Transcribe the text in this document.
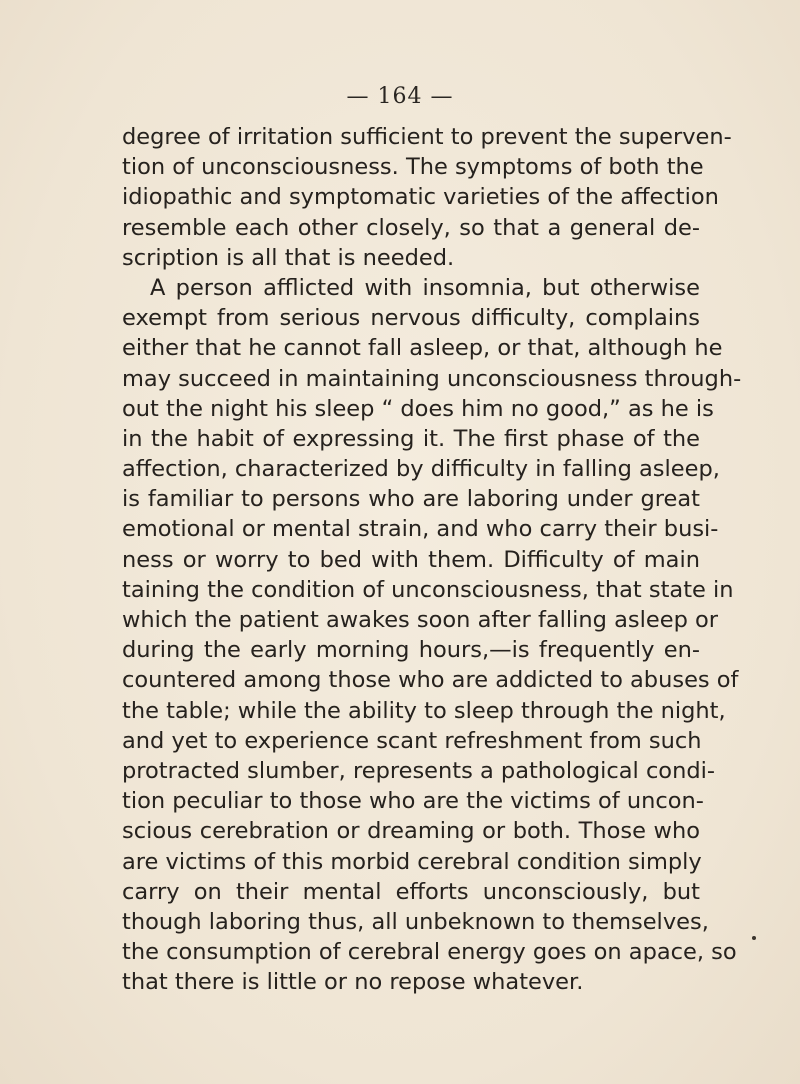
— 164 —
degree of irritation sufficient to prevent the superven-
tion of unconsciousness. The symptoms of both the
idiopathic and symptomatic varieties of the affection
resemble each other closely, so that a general de-
scription is all that is needed.
A person afflicted with insomnia, but otherwise
exempt from serious nervous difficulty, complains
either that he cannot fall asleep, or that, although he
may succeed in maintaining unconsciousness through-
out the night his sleep “ does him no good,” as he is
in the habit of expressing it. The first phase of the
affection, characterized by difficulty in falling asleep,
is familiar to persons who are laboring under great
emotional or mental strain, and who carry their busi-
ness or worry to bed with them. Difficulty of main
taining the condition of unconsciousness, that state in
which the patient awakes soon after falling asleep or
during the early morning hours,—is frequently en-
countered among those who are addicted to abuses of
the table; while the ability to sleep through the night,
and yet to experience scant refreshment from such
protracted slumber, represents a pathological condi-
tion peculiar to those who are the victims of uncon-
scious cerebration or dreaming or both. Those who
are victims of this morbid cerebral condition simply
carry on their mental efforts unconsciously, but
though laboring thus, all unbeknown to themselves,
the consumption of cerebral energy goes on apace, so
that there is little or no repose whatever.
